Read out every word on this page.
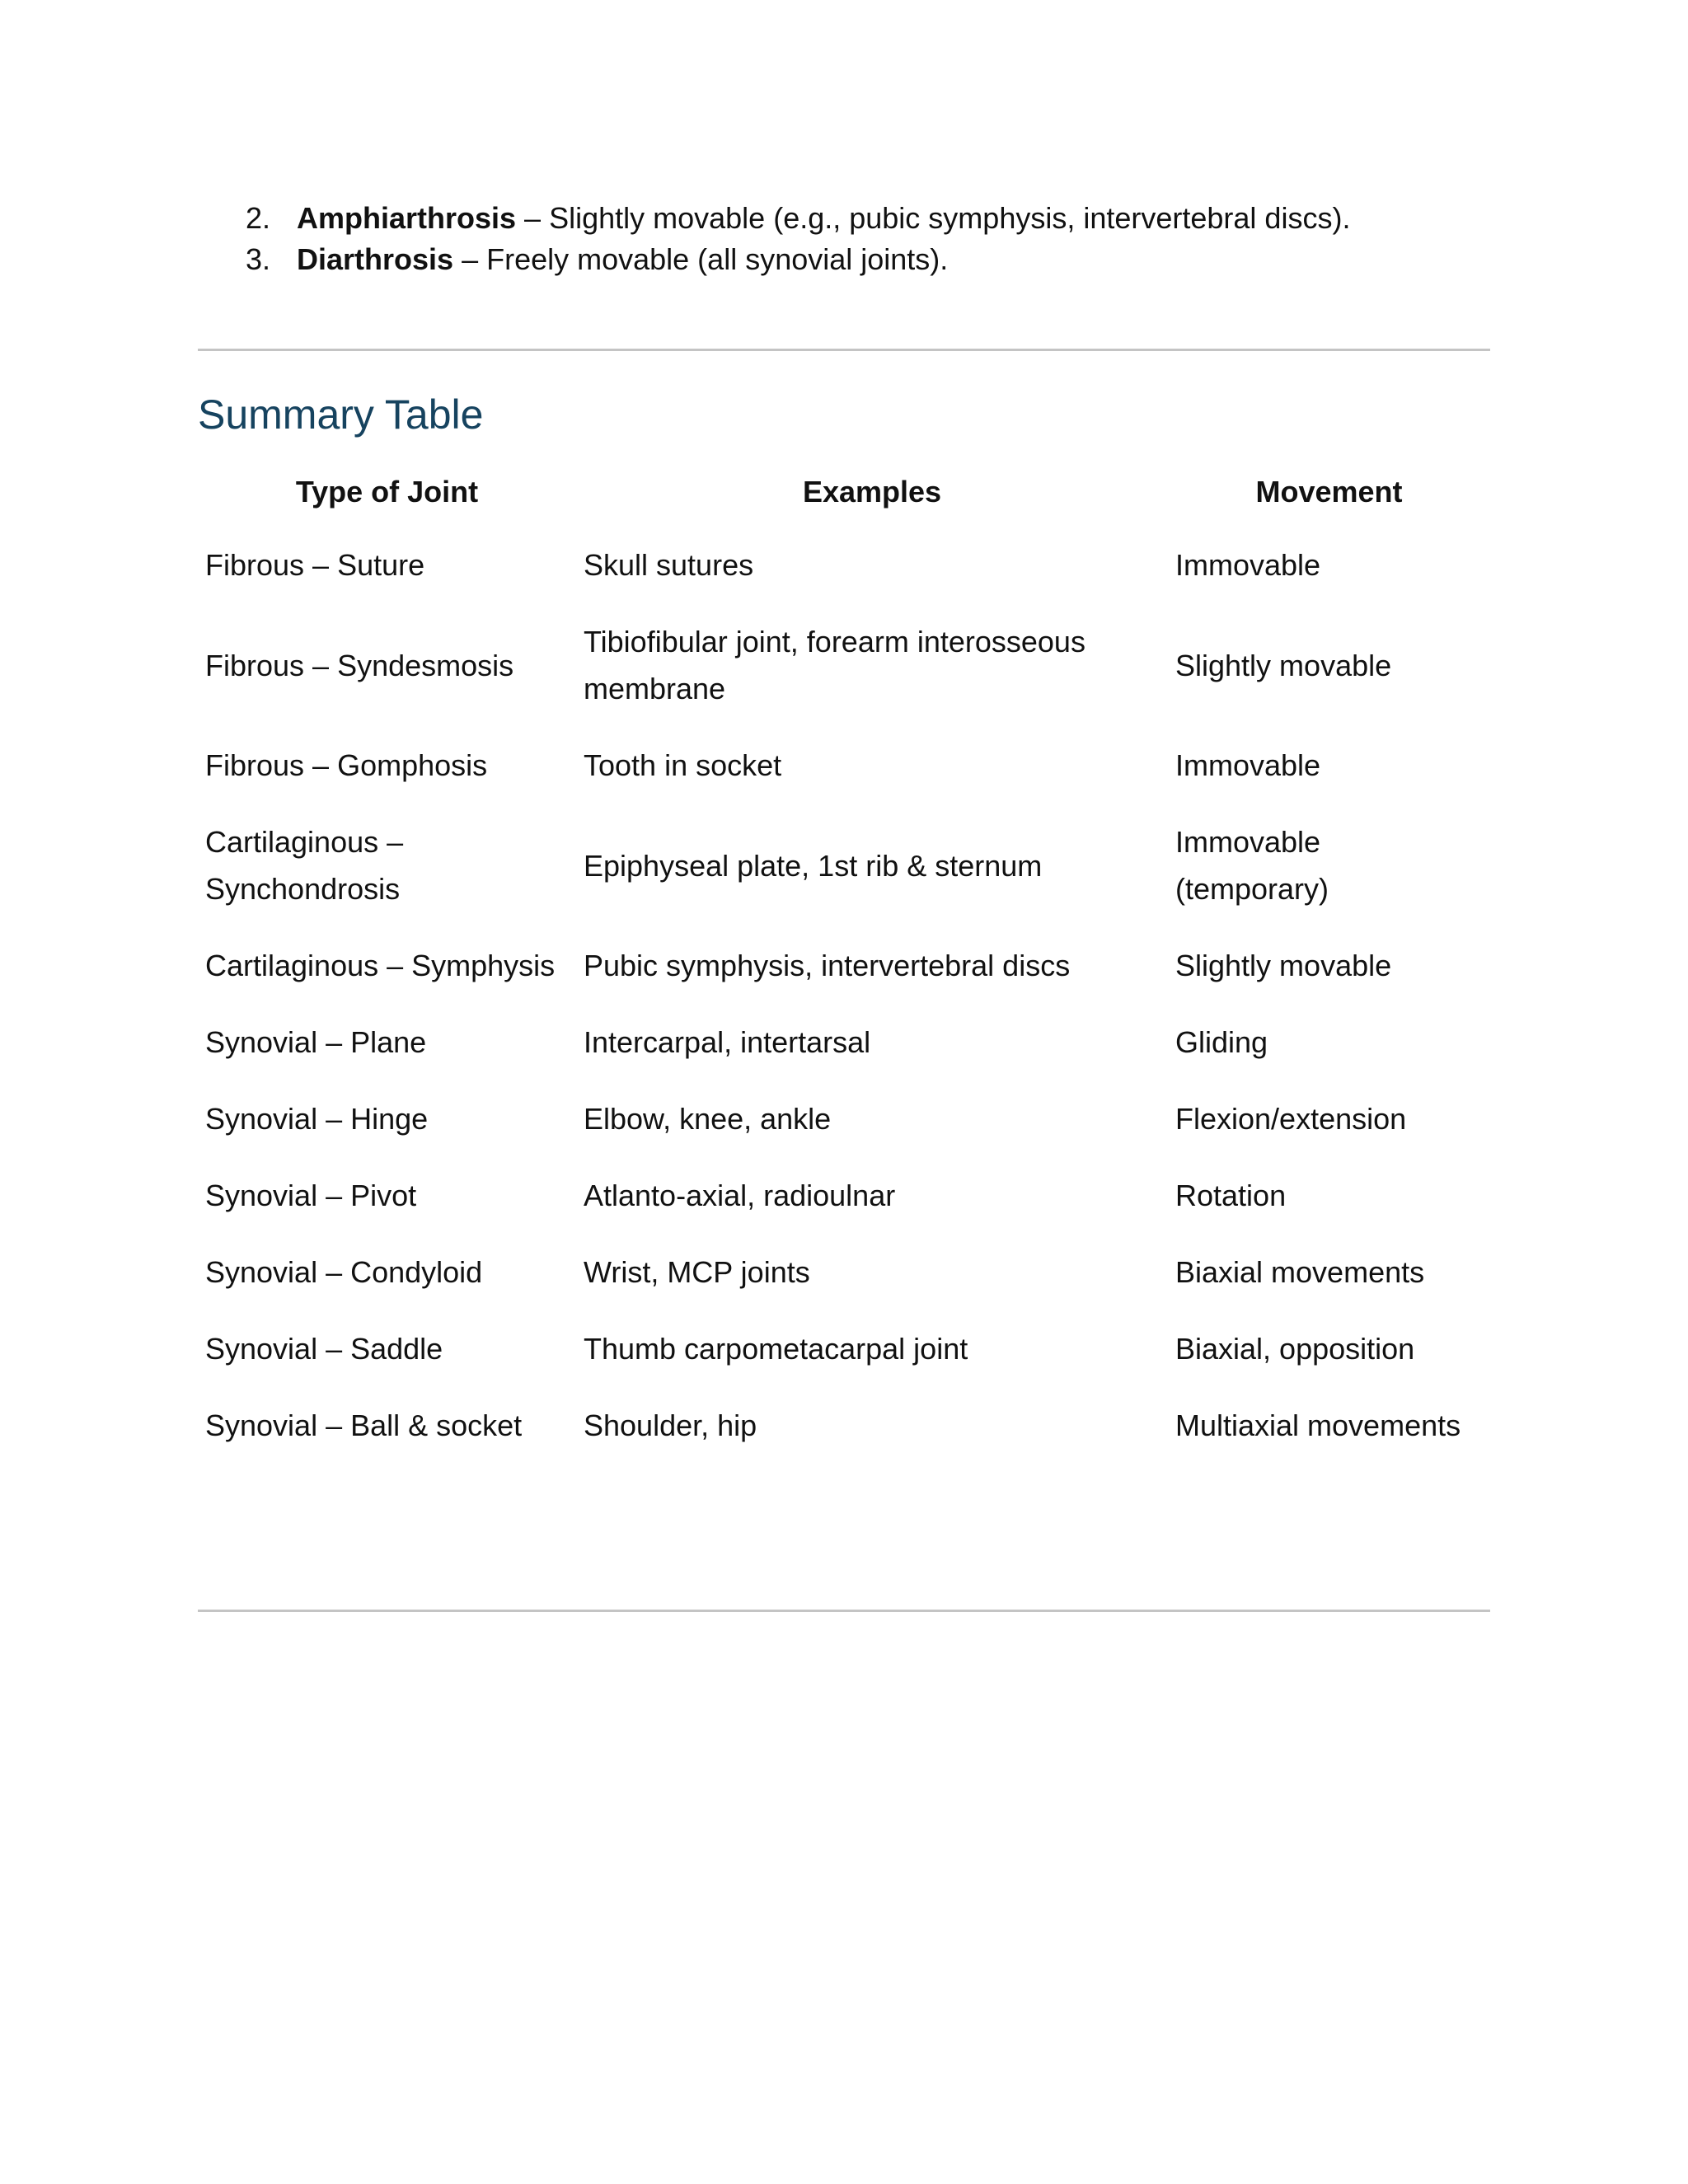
2. Amphiarthrosis – Slightly movable (e.g., pubic symphysis, intervertebral discs).
3. Diarthrosis – Freely movable (all synovial joints).
Summary Table
Type of Joint	Examples	Movement
Fibrous – Suture	Skull sutures	Immovable
Fibrous – Syndesmosis	Tibiofibular joint, forearm interosseous membrane	Slightly movable
Fibrous – Gomphosis	Tooth in socket	Immovable
Cartilaginous – Synchondrosis	Epiphyseal plate, 1st rib & sternum	Immovable (temporary)
Cartilaginous – Symphysis	Pubic symphysis, intervertebral discs	Slightly movable
Synovial – Plane	Intercarpal, intertarsal	Gliding
Synovial – Hinge	Elbow, knee, ankle	Flexion/extension
Synovial – Pivot	Atlanto-axial, radioulnar	Rotation
Synovial – Condyloid	Wrist, MCP joints	Biaxial movements
Synovial – Saddle	Thumb carpometacarpal joint	Biaxial, opposition
Synovial – Ball & socket	Shoulder, hip	Multiaxial movements
